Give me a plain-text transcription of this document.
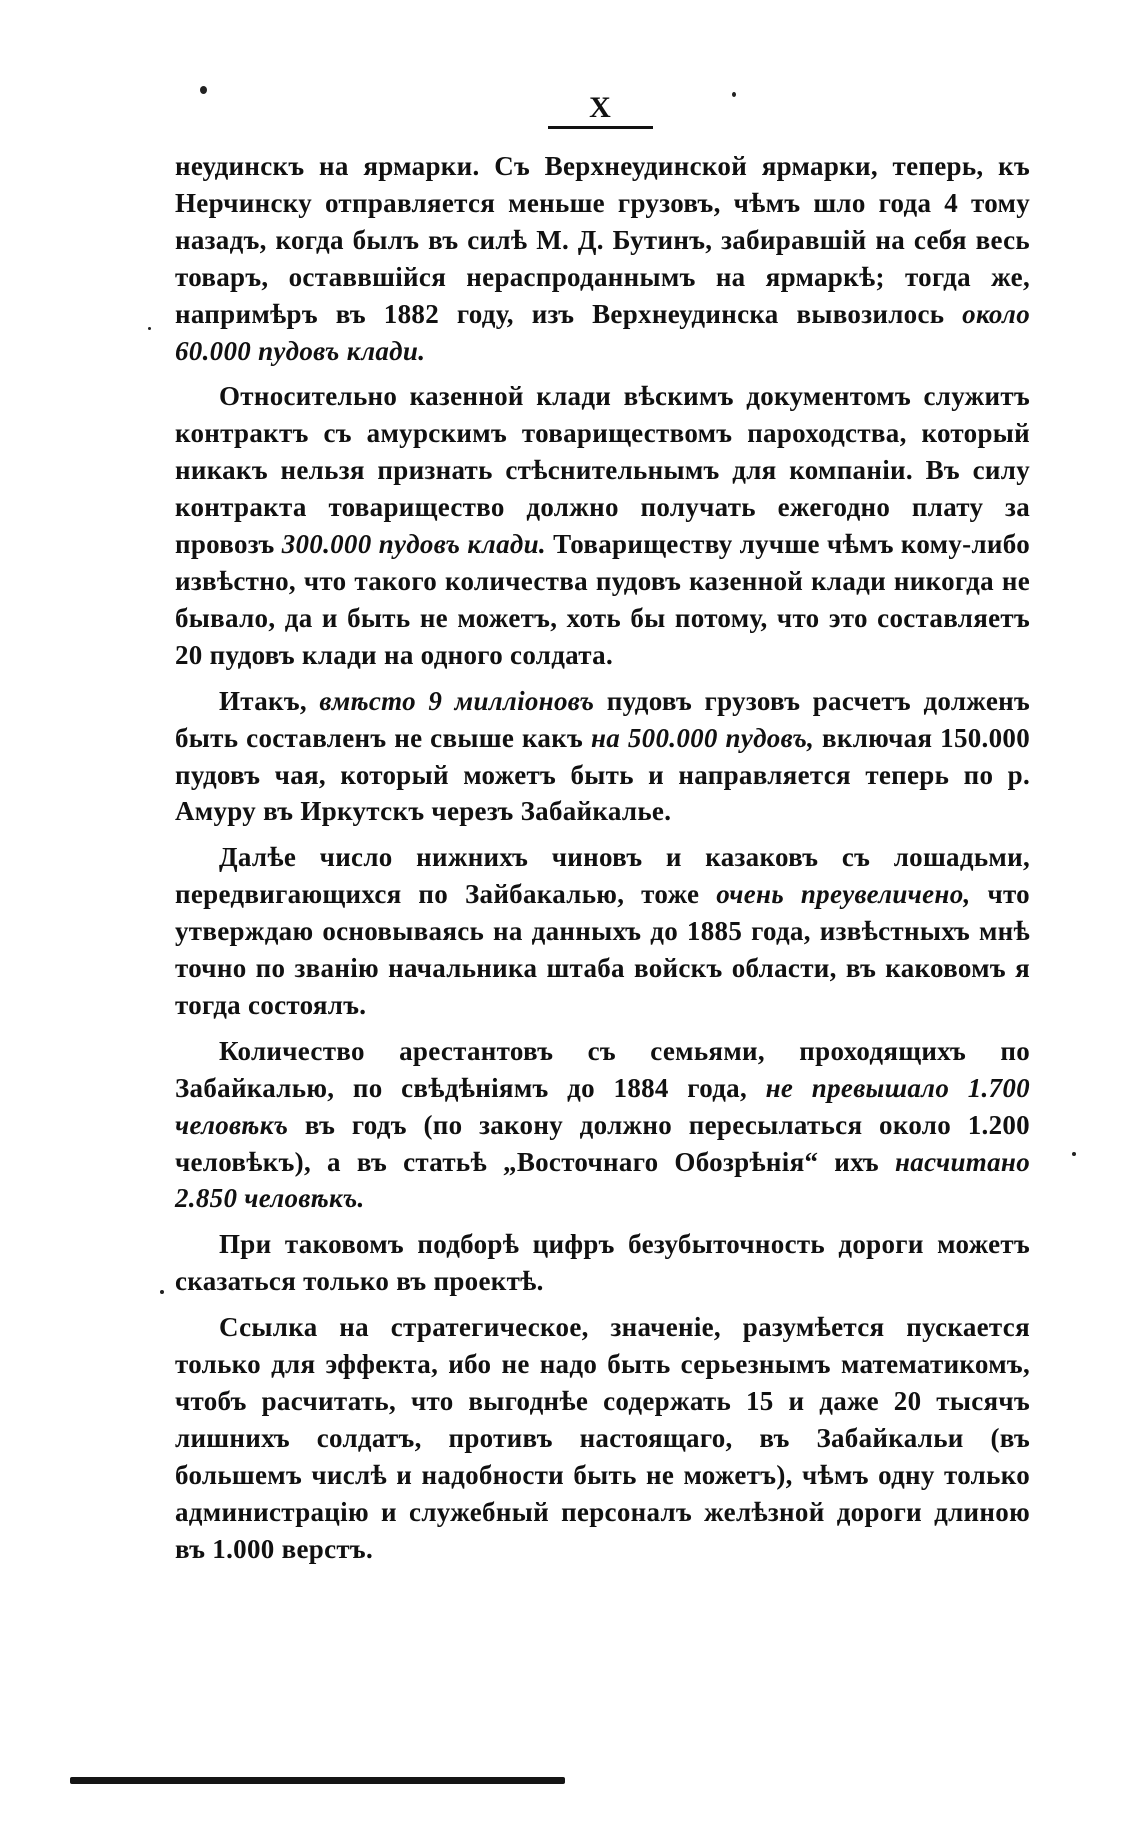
X

неудинскъ на ярмарки. Съ Верхнеудинской ярмарки, теперь, къ Нерчинску отправляется меньше грузовъ, чѣмъ шло года 4 тому назадъ, когда былъ въ силѣ М. Д. Бутинъ, забиравшій на себя весь товаръ, оставвшійся нераспроданнымъ на ярмаркѣ; тогда же, напримѣръ въ 1882 году, изъ Верхнеудинска вывозилось около 60.000 пудовъ клади.

Относительно казенной клади вѣскимъ документомъ служитъ контрактъ съ амурскимъ товариществомъ пароходства, который никакъ нельзя признать стѣснительнымъ для компаніи. Въ силу контракта товарищество должно получать ежегодно плату за провозъ 300.000 пудовъ клади. Товариществу лучше чѣмъ кому-либо извѣстно, что такого количества пудовъ казенной клади никогда не бывало, да и быть не можетъ, хоть бы потому, что это составляетъ 20 пудовъ клади на одного солдата.

Итакъ, вмѣсто 9 милліоновъ пудовъ грузовъ расчетъ долженъ быть составленъ не свыше какъ на 500.000 пудовъ, включая 150.000 пудовъ чая, который можетъ быть и направляется теперь по р. Амуру въ Иркутскъ черезъ Забайкалье.

Далѣе число нижнихъ чиновъ и казаковъ съ лошадьми, передвигающихся по Зайбакалью, тоже очень преувеличено, что утверждаю основываясь на данныхъ до 1885 года, извѣстныхъ мнѣ точно по званію начальника штаба войскъ области, въ каковомъ я тогда состоялъ.

Количество арестантовъ съ семьями, проходящихъ по Забайкалью, по свѣдѣніямъ до 1884 года, не превышало 1.700 человѣкъ въ годъ (по закону должно пересылаться около 1.200 человѣкъ), а въ статьѣ „Восточнаго Обозрѣнія“ ихъ насчитано 2.850 человѣкъ.

При таковомъ подборѣ цифръ безубыточность дороги можетъ сказаться только въ проектѣ.

Ссылка на стратегическое, значеніе, разумѣется пускается только для эффекта, ибо не надо быть серьезнымъ математикомъ, чтобъ расчитать, что выгоднѣе содержать 15 и даже 20 тысячъ лишнихъ солдатъ, противъ настоящаго, въ Забайкальи (въ большемъ числѣ и надобности быть не можетъ), чѣмъ одну только администрацію и служебный персоналъ желѣзной дороги длиною въ 1.000 верстъ.
